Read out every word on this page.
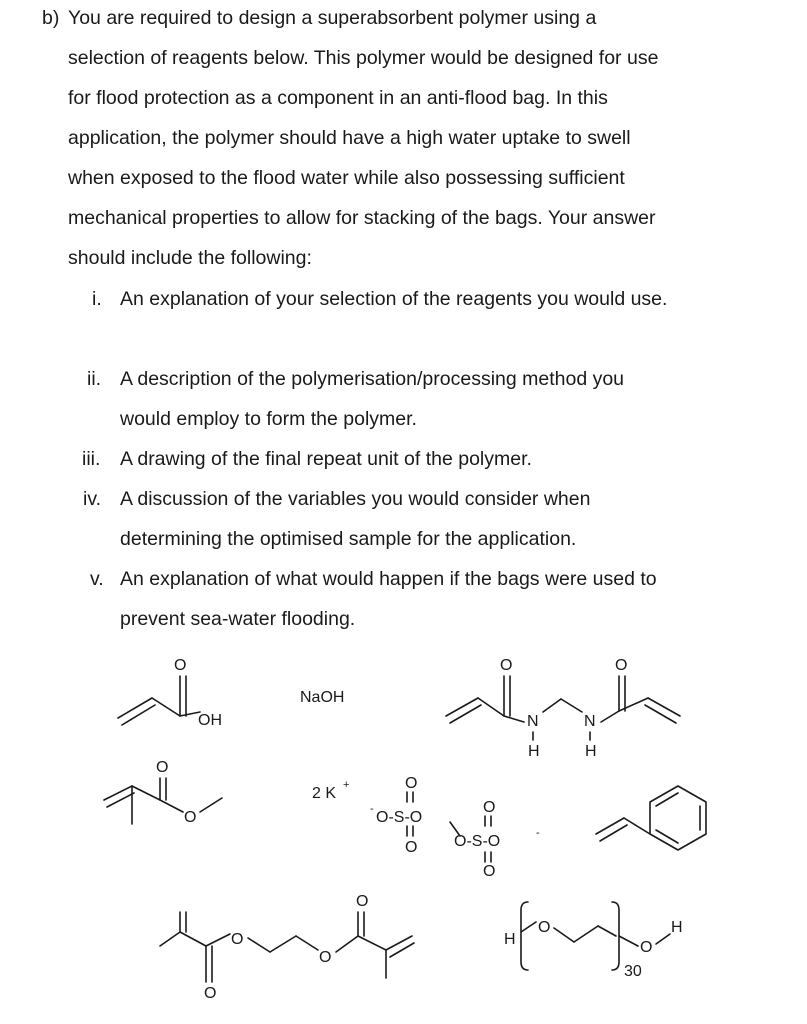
b) You are required to design a superabsorbent polymer using a
selection of reagents below. This polymer would be designed for use
for flood protection as a component in an anti-flood bag. In this
application, the polymer should have a high water uptake to swell
when exposed to the flood water while also possessing sufficient
mechanical properties to allow for stacking of the bags. Your answer
should include the following:
i. An explanation of your selection of the reagents you would use.
ii. A description of the polymerisation/processing method you
would employ to form the polymer.
iii. A drawing of the final repeat unit of the polymer.
iv. A discussion of the variables you would consider when
determining the optimised sample for the application.
v. An explanation of what would happen if the bags were used to
prevent sea-water flooding.
O
OH
NaOH
O	O
N	N
H	H
O
O
2 K +	O
- O-S-O
O
O
O-S-O	-
O
O
O
O
O
H
O
O
H
30
